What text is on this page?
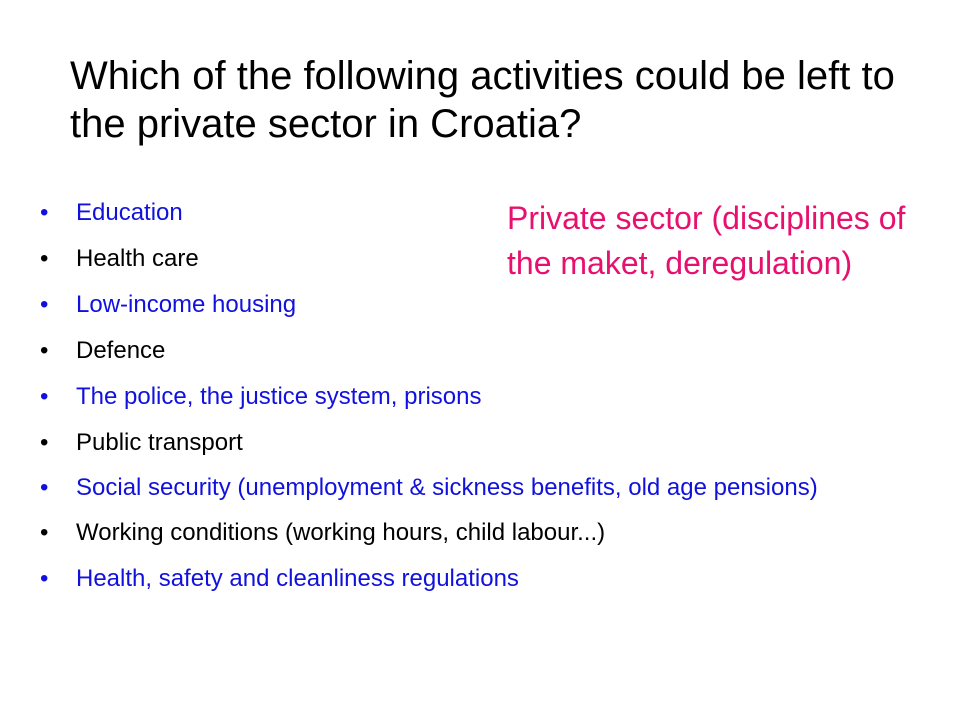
Which of the following activities could be left to the private sector in Croatia?

Private sector (disciplines of the maket, deregulation)

•	Education
•	Health care
•	Low-income housing
•	Defence
•	The police, the justice system, prisons
•	Public transport
•	Social security (unemployment & sickness benefits, old age pensions)
•	Working conditions (working hours, child labour...)
•	Health, safety and cleanliness regulations
